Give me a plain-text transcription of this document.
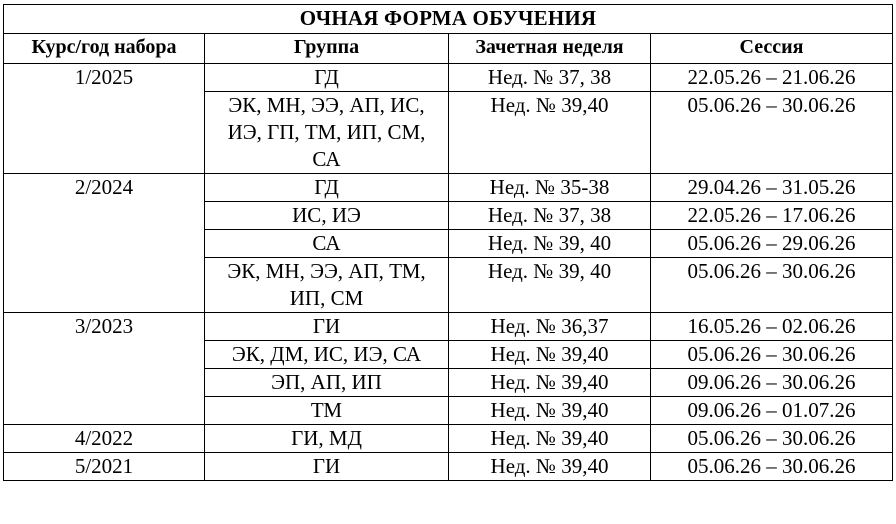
ОЧНАЯ ФОРМА ОБУЧЕНИЯ			
Курс/год набора	Группа	Зачетная неделя	Сессия
1/2025	ГД	Нед. № 37, 38	22.05.26 – 21.06.26
	ЭК, МН, ЭЭ, АП, ИС, ИЭ, ГП, ТМ, ИП, СМ, СА	Нед. № 39,40	05.06.26 – 30.06.26
2/2024	ГД	Нед. № 35-38	29.04.26 – 31.05.26
	ИС, ИЭ	Нед. № 37, 38	22.05.26 – 17.06.26
	СА	Нед. № 39, 40	05.06.26 – 29.06.26
	ЭК, МН, ЭЭ, АП, ТМ, ИП, СМ	Нед. № 39, 40	05.06.26 – 30.06.26
3/2023	ГИ	Нед. № 36,37	16.05.26 – 02.06.26
	ЭК, ДМ, ИС, ИЭ, СА	Нед. № 39,40	05.06.26 – 30.06.26
	ЭП, АП, ИП	Нед. № 39,40	09.06.26 – 30.06.26
	ТМ	Нед. № 39,40	09.06.26 – 01.07.26
4/2022	ГИ, МД	Нед. № 39,40	05.06.26 – 30.06.26
5/2021	ГИ	Нед. № 39,40	05.06.26 – 30.06.26
